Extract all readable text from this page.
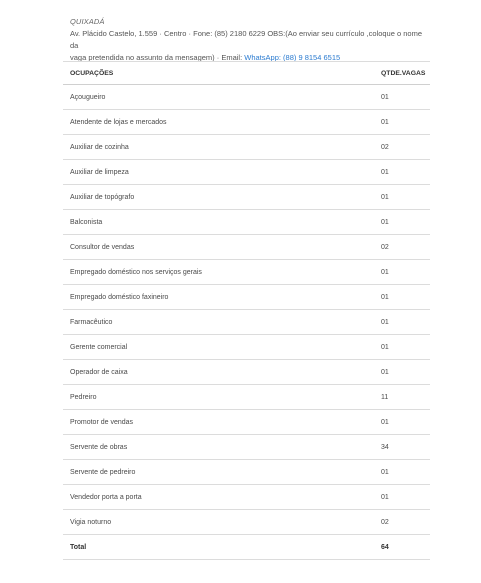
QUIXADÁ
Av. Plácido Castelo, 1.559 · Centro · Fone: (85) 2180 6229 OBS:(Ao enviar seu currículo ,coloque o nome da
vaga pretendida no assunto da mensagem) · Email: WhatsApp: (88) 9 8154 6515
OCUPAÇÕES	QTDE.VAGAS
Açougueiro	01
Atendente de lojas e mercados	01
Auxiliar de cozinha	02
Auxiliar de limpeza	01
Auxiliar de topógrafo	01
Balconista	01
Consultor de vendas	02
Empregado doméstico nos serviços gerais	01
Empregado doméstico faxineiro	01
Farmacêutico	01
Gerente comercial	01
Operador de caixa	01
Pedreiro	11
Promotor de vendas	01
Servente de obras	34
Servente de pedreiro	01
Vendedor porta a porta	01
Vigia noturno	02
Total	64
